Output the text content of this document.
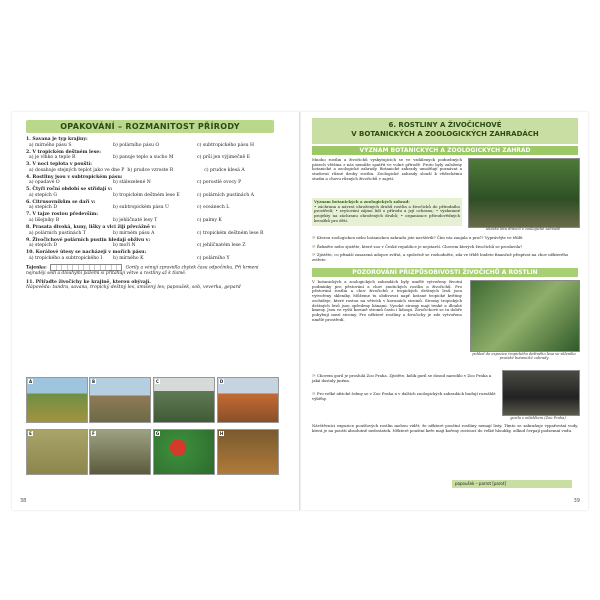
OPAKOVÁNÍ – ROZMANITOST PŘÍRODY
1. Savana je typ krajiny:
a) mírného pásu S	b) polárního pásu O	c) subtropického pásu H
2. V tropickém deštném lese:
a) je vlhko a teplo R	b) panuje teplo a sucho M	c) prší jen výjimečně E
3. V noci teplota v pouští:
a) dosahuje stejných teplot jako ve dne P b) prudce vzroste R	c) prudce klesá A
4. Rostliny jsou v subtropickém pásu:
a) opadavé O	b) stálezelené N	c) porostlé ovocy P
5. Čtyři roční období se střídají v:
a) stepích G	b) tropickém deštném lese E	c) polárních pustinách A
6. Citrusovníkům se daří v:
a) stepích D	b) subtropickém pásu U	c) oceánech L
7. V tajze rostou především:
a) lišejníky B	b) jehličnaté lesy T	c) palmy K
8. Prasata divoká, kuny, lišky a vlci žijí převážně v:
a) polárních pustinách T	b) mírném pásu A	c) tropickém deštném lese R
9. Živočichové polárních pustin hledají obživu v:
a) stepích D	b) moři N	c) jehličnatém lese Z
10. Korálové útesy se nacházejí v mořích pásu:
a) tropického a subtropického I	b) mírného K	c) polárního Y
Tajenka:	Gorily a vénují zpravidla zbytek času odpočinku. Při krmení nejraději sedí a dlouhými pažemi si přitahují větve a rostliny až k tlamě.
11. Přiřaďte živočichy ke krajině, kterou obývají.
Nápověda: tundra, savana, tropický deštný les, smíšený les; papoušek, sob, veverka, gepard
A	B	C	D
E	F	G	H
38
6. ROSTLINY A ŽIVOČICHOVÉ
V BOTANICKÝCH A ZOOLOGICKÝCH ZAHRADÁCH
VÝZNAM BOTANICKÝCH A ZOOLOGICKÝCH ZAHRAD
Mnoho rostlin a živočichů vyskytujících se ve vzdálených podnebných pásech většina z nás nemůže spatřit ve volné přírodě. Proto byly založeny botanické a zoologické zahrady. Botanické zahrady umožňují poznávat a studovat různé druhy rostlin. Zoologické zahrady slouží k vědeckému studiu a chovu různých živočichů v zajetí.
Význam botanických a zoologických zahrad:
• záchrana a návrat ohrožených druhů rostlin a živočichů do přírodního prostředí; • zvyšování zájmu lidí o přírodu a její ochranu; • výzkumné projekty na záchranu ohrožených druhů; • organizace přírodovědných kroužků pro děti.
ukázka letu dravců v zoologické zahradě
☞ Kterou zoologickou nebo botanickou zahradu jste navštívili? Čím vás zaujala a proč? Vyprávějte ve třídě.
☞ Řekněte nebo zjistěte, které zoo v České republice je nejstarší. Chovem kterých živočichů se proslavila?
☞ Zjistěte, co přináší zasazená adopce zvířat, a společně se rozhodněte, zda ve třídě budete finančně přispívat na chov některého zvířete.
POZOROVÁNÍ PŘIZPŮSOBIVOSTI ŽIVOČICHŮ A ROSTLIN
V botanických a zoologických zahradách byly umělé vytvořeny životní podmínky pro pěstování a chov exotických rostlin a živočichů. Pro pěstování rostlin a chov živočichů z tropických deštných lesů jsou vytvořeny skleníky. Můžeme tu obdivovat např. krásné tropické květiny orchideje, které rostou na větvích v korunách stromů. Stromy tropických deštných lesů jsou opředeny liánami. Vysoké stromy mají tenké a dlouhé kmeny. Jsou ve vyšší koruně stromů často i lidoopi. Živočichové se tu dobře pohybují mezi stromy. Pro některé rostliny a živočichy je zde vytvořeno umělé prostředí.
pohled do expozice tropického deštného lesa ve skleníku pražské botanické zahrady
gorila s mládětem (Zoo Praha)
☞ Chovem goril je proslulá Zoo Praha. Zjistěte, kolik goril se dosud narodilo v Zoo Praha a jaká dostaly jména.
☞ Pro velké africké šelmy se v Zoo Praha a v dalších zoologických zahradách budují rozsáhlé výběhy.
Návštěvníci expozice poušťových rostlin mohou vidět, že některé pouštní rostliny nemají listy. Tímto se zabraňuje vypařování vody, která je na poušti absolutně nedostatek. Některé pouštní keře mají kořeny rostoucí do velké hloubky, odkud čerpají podzemní vodu.
papoušek – parrot [parot]
39
